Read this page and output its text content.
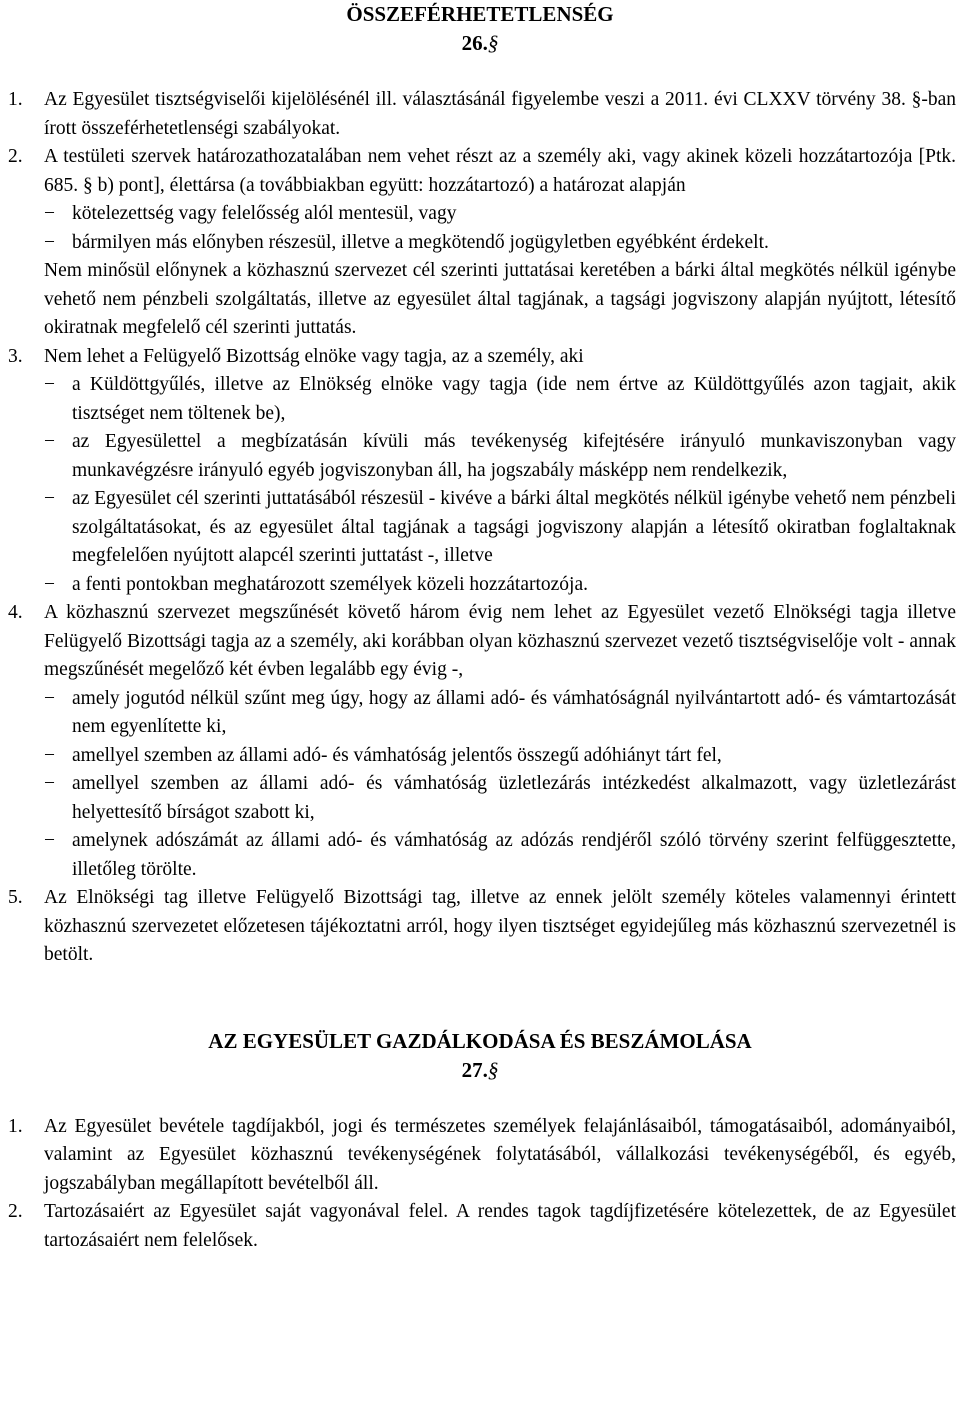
ÖSSZEFÉRHETETLENSÉG
26.§
1. Az Egyesület tisztségviselői kijelölésénél ill. választásánál figyelembe veszi a 2011. évi CLXXV törvény 38. §-ban írott összeférhetetlenségi szabályokat.
2. A testületi szervek határozathozatalában nem vehet részt az a személy aki, vagy akinek közeli hozzátartozója [Ptk. 685. § b) pont], élettársa (a továbbiakban együtt: hozzátartozó) a határozat alapján
− kötelezettség vagy felelősség alól mentesül, vagy
− bármilyen más előnyben részesül, illetve a megkötendő jogügyletben egyébként érdekelt.
Nem minősül előnynek a közhasznú szervezet cél szerinti juttatásai keretében a bárki által megkötés nélkül igénybe vehető nem pénzbeli szolgáltatás, illetve az egyesület által tagjának, a tagsági jogviszony alapján nyújtott, létesítő okiratnak megfelelő cél szerinti juttatás.
3. Nem lehet a Felügyelő Bizottság elnöke vagy tagja, az a személy, aki
− a Küldöttgyűlés, illetve az Elnökség elnöke vagy tagja (ide nem értve az Küldöttgyűlés azon tagjait, akik tisztséget nem töltenek be),
− az Egyesülettel a megbízatásán kívüli más tevékenység kifejtésére irányuló munkaviszonyban vagy munkavégzésre irányuló egyéb jogviszonyban áll, ha jogszabály másképp nem rendelkezik,
− az Egyesület cél szerinti juttatásából részesül - kivéve a bárki által megkötés nélkül igénybe vehető nem pénzbeli szolgáltatásokat, és az egyesület által tagjának a tagsági jogviszony alapján a létesítő okiratban foglaltaknak megfelelően nyújtott alapcél szerinti juttatást -, illetve
− a fenti pontokban meghatározott személyek közeli hozzátartozója.
4. A közhasznú szervezet megszűnését követő három évig nem lehet az Egyesület vezető Elnökségi tagja illetve Felügyelő Bizottsági tagja az a személy, aki korábban olyan közhasznú szervezet vezető tisztségviselője volt - annak megszűnését megelőző két évben legalább egy évig -,
− amely jogutód nélkül szűnt meg úgy, hogy az állami adó- és vámhatóságnál nyilvántartott adó- és vámtartozását nem egyenlítette ki,
− amellyel szemben az állami adó- és vámhatóság jelentős összegű adóhiányt tárt fel,
− amellyel szemben az állami adó- és vámhatóság üzletlezárás intézkedést alkalmazott, vagy üzletlezárást helyettesítő bírságot szabott ki,
− amelynek adószámát az állami adó- és vámhatóság az adózás rendjéről szóló törvény szerint felfüggesztette, illetőleg törölte.
5. Az Elnökségi tag illetve Felügyelő Bizottsági tag, illetve az ennek jelölt személy köteles valamennyi érintett közhasznú szervezetet előzetesen tájékoztatni arról, hogy ilyen tisztséget egyidejűleg más közhasznú szervezetnél is betölt.
AZ EGYESÜLET GAZDÁLKODÁSA ÉS BESZÁMOLÁSA
27.§
1. Az Egyesület bevétele tagdíjakból, jogi és természetes személyek felajánlásaiból, támogatásaiból, adományaiból, valamint az Egyesület közhasznú tevékenységének folytatásából, vállalkozási tevékenységéből, és egyéb, jogszabályban megállapított bevételből áll.
2. Tartozásaiért az Egyesület saját vagyonával felel. A rendes tagok tagdíjfizetésére kötelezettek, de az Egyesület tartozásaiért nem felelősek.
